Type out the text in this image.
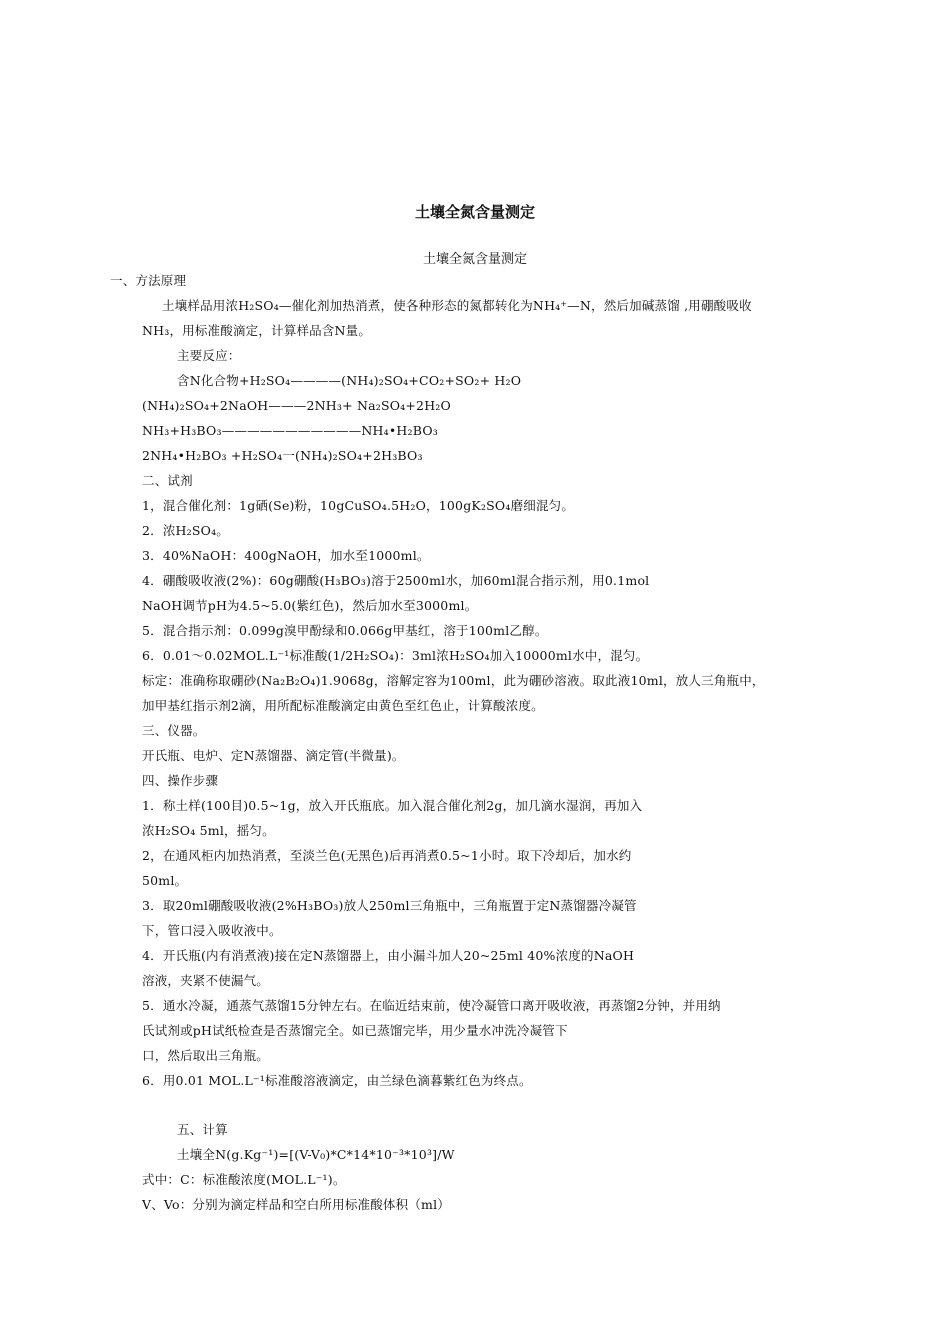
土壤全氮含量测定
土壤全氮含量测定
一、方法原理
土壤样品用浓H₂SO₄—催化剂加热消煮，使各种形态的氮都转化为NH₄⁺—N，然后加碱蒸馏 ,用硼酸吸收
NH₃，用标准酸滴定，计算样品含N量。
主要反应：
含N化合物+H₂SO₄————(NH₄)₂SO₄+CO₂+SO₂+ H₂O
(NH₄)₂SO₄+2NaOH———2NH₃+ Na₂SO₄+2H₂O
NH₃+H₃BO₃———————————NH₄•H₂BO₃
2NH₄•H₂BO₃ +H₂SO₄一(NH₄)₂SO₄+2H₃BO₃
二、试剂
1，混合催化剂：1g硒(Se)粉，10gCuSO₄.5H₂O，100gK₂SO₄磨细混匀。
2．浓H₂SO₄。
3．40%NaOH：400gNaOH，加水至1000ml。
4．硼酸吸收液(2%)：60g硼酸(H₃BO₃)溶于2500ml水，加60ml混合指示剂，用0.1mol
NaOH调节pH为4.5~5.0(紫红色)，然后加水至3000ml。
5．混合指示剂：0.099g溴甲酚绿和0.066g甲基红，溶于100ml乙醇。
6．0.01～0.02MOL.L⁻¹标准酸(1/2H₂SO₄)：3ml浓H₂SO₄加入10000ml水中，混匀。
标定：准确称取硼砂(Na₂B₂O₄)1.9068g，溶解定容为100ml，此为硼砂溶液。取此液10ml，放人三角瓶中，
加甲基红指示剂2滴，用所配标准酸滴定由黄色至红色止，计算酸浓度。
三、仪器。
开氏瓶、电炉、定N蒸馏器、滴定管(半微量)。
四、操作步骤
1．称土样(100目)0.5~1g，放入开氏瓶底。加入混合催化剂2g，加几滴水湿润，再加入
浓H₂SO₄ 5ml，摇匀。
2，在通风柜内加热消煮，至淡兰色(无黑色)后再消煮0.5~1小时。取下冷却后，加水约
50ml。
3．取20ml硼酸吸收液(2%H₃BO₃)放人250ml三角瓶中，三角瓶置于定N蒸馏器冷凝管
下，管口浸入吸收液中。
4．开氏瓶(内有消煮液)接在定N蒸馏器上，由小漏斗加人20~25ml 40%浓度的NaOH
溶液，夹紧不使漏气。
5．通水冷凝，通蒸气蒸馏15分钟左右。在临近结束前，使冷凝管口离开吸收液，再蒸馏2分钟，并用纳
氏试剂或pH试纸检查是否蒸馏完全。如已蒸馏完毕，用少量水冲洗冷凝管下
口，然后取出三角瓶。
6．用0.01 MOL.L⁻¹标准酸溶液滴定，由兰绿色滴暮紫红色为终点。
五、计算
土壤全N(g.Kg⁻¹)=[(V-V₀)*C*14*10⁻³*10³]/W
式中：C：标准酸浓度(MOL.L⁻¹)。
V、Vo：分别为滴定样品和空白所用标准酸体积（ml）
